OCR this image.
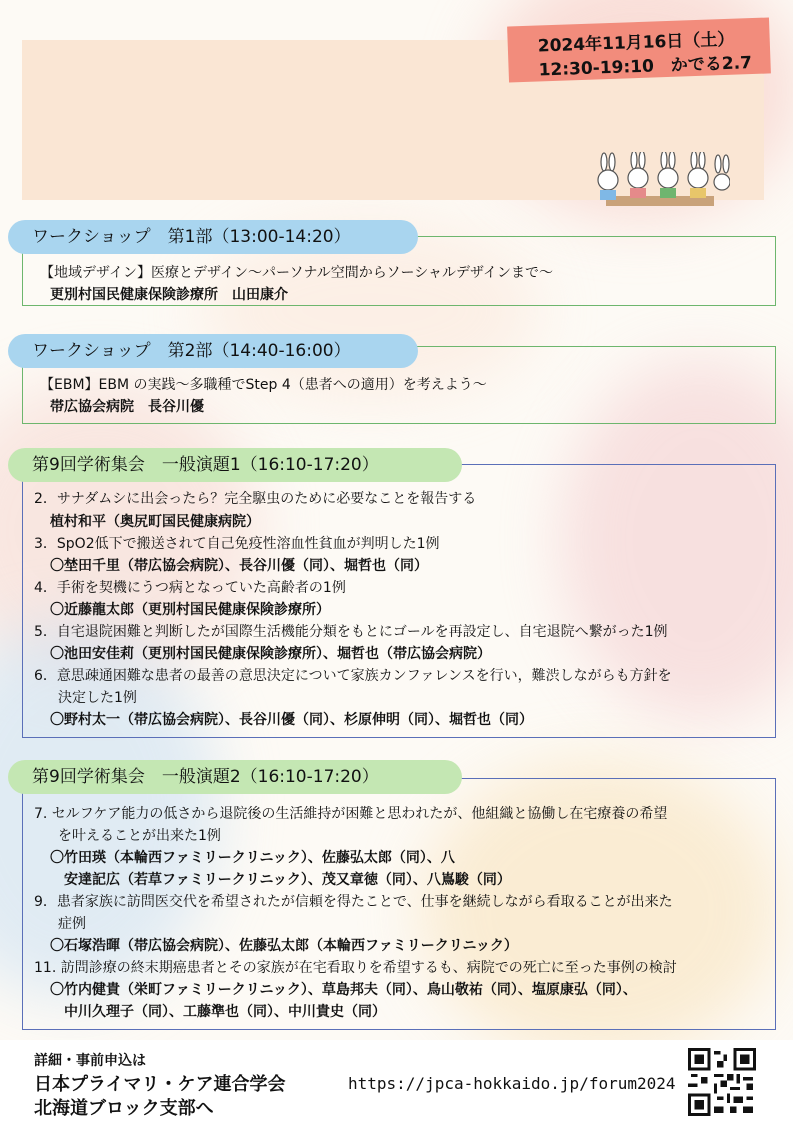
2024年11月16日（土）
12:30-19:10　かでる2.7
ワークショップ　第1部（13:00-14:20）
【地域デザイン】医療とデザイン～パーソナル空間からソーシャルデザインまで～
更別村国民健康保険診療所　山田康介
ワークショップ　第2部（14:40-16:00）
【EBM】EBM の実践～多職種でStep 4（患者への適用）を考えよう～
帯広協会病院　長谷川優
第9回学術集会　一般演題1（16:10-17:20）
2．サナダムシに出会ったら？完全駆虫のために必要なことを報告する
植村和平（奥尻町国民健康病院）
3．SpO2低下で搬送されて自己免疫性溶血性貧血が判明した1例
〇埜田千里（帯広協会病院）、長谷川優（同）、堀哲也（同）
4．手術を契機にうつ病となっていた高齢者の1例
〇近藤龍太郎（更別村国民健康保険診療所）
5．自宅退院困難と判断したが国際生活機能分類をもとにゴールを再設定し、自宅退院へ繋がった1例
〇池田安佳莉（更別村国民健康保険診療所）、堀哲也（帯広協会病院）
6．意思疎通困難な患者の最善の意思決定について家族カンファレンスを行い，難渋しながらも方針を
決定した1例
〇野村太一（帯広協会病院）、長谷川優（同）、杉原伸明（同）、堀哲也（同）
第9回学術集会　一般演題2（16:10-17:20）
7. セルフケア能力の低さから退院後の生活維持が困難と思われたが、他組織と協働し在宅療養の希望
を叶えることが出来た1例
〇竹田瑛（本輪西ファミリークリニック）、佐藤弘太郎（同）、八
安達記広（若草ファミリークリニック）、茂又章徳（同）、八嶌駿（同）
9．患者家族に訪問医交代を希望されたが信頼を得たことで、仕事を継続しながら看取ることが出来た
症例
〇石塚浩暉（帯広協会病院）、佐藤弘太郎（本輪西ファミリークリニック）
11. 訪問診療の終末期癌患者とその家族が在宅看取りを希望するも、病院での死亡に至った事例の検討
〇竹内健貴（栄町ファミリークリニック）、草島邦夫（同）、鳥山敬祐（同）、塩原康弘（同）、
中川久理子（同）、工藤準也（同）、中川貴史（同）
詳細・事前申込は
日本プライマリ・ケア連合学会
北海道ブロック支部へ
https://jpca-hokkaido.jp/forum2024
